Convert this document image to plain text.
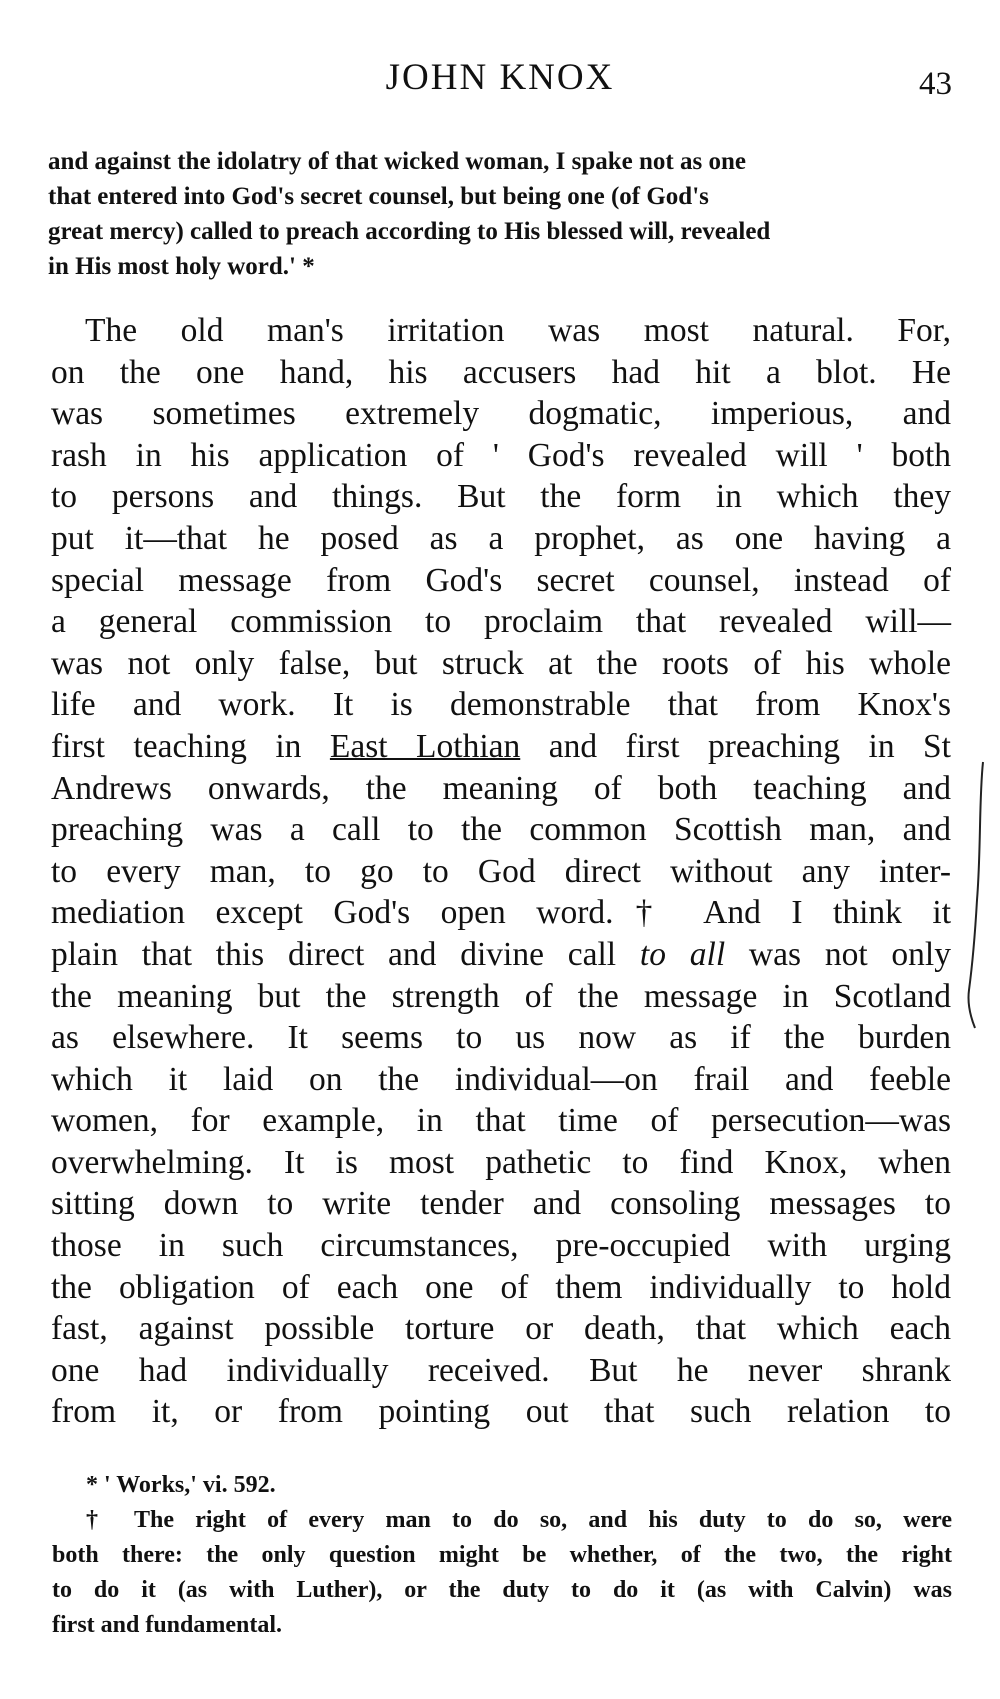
JOHN KNOX	43
and against the idolatry of that wicked woman, I spake not as one
that entered into God's secret counsel, but being one (of God's
great mercy) called to preach according to His blessed will, revealed
in His most holy word.' *
The old man's irritation was most natural. For,
on the one hand, his accusers had hit a blot. He
was sometimes extremely dogmatic, imperious, and
rash in his application of ' God's revealed will ' both
to persons and things. But the form in which they
put it—that he posed as a prophet, as one having a
special message from God's secret counsel, instead of
a general commission to proclaim that revealed will—
was not only false, but struck at the roots of his whole
life and work. It is demonstrable that from Knox's
first teaching in East Lothian and first preaching in St
Andrews onwards, the meaning of both teaching and
preaching was a call to the common Scottish man, and
to every man, to go to God direct without any inter-
mediation except God's open word.† And I think it
plain that this direct and divine call to all was not only
the meaning but the strength of the message in Scotland
as elsewhere. It seems to us now as if the burden
which it laid on the individual—on frail and feeble
women, for example, in that time of persecution—was
overwhelming. It is most pathetic to find Knox, when
sitting down to write tender and consoling messages to
those in such circumstances, pre-occupied with urging
the obligation of each one of them individually to hold
fast, against possible torture or death, that which each
one had individually received. But he never shrank
from it, or from pointing out that such relation to
* ' Works,' vi. 592.
† The right of every man to do so, and his duty to do so, were
both there: the only question might be whether, of the two, the right
to do it (as with Luther), or the duty to do it (as with Calvin) was
first and fundamental.
